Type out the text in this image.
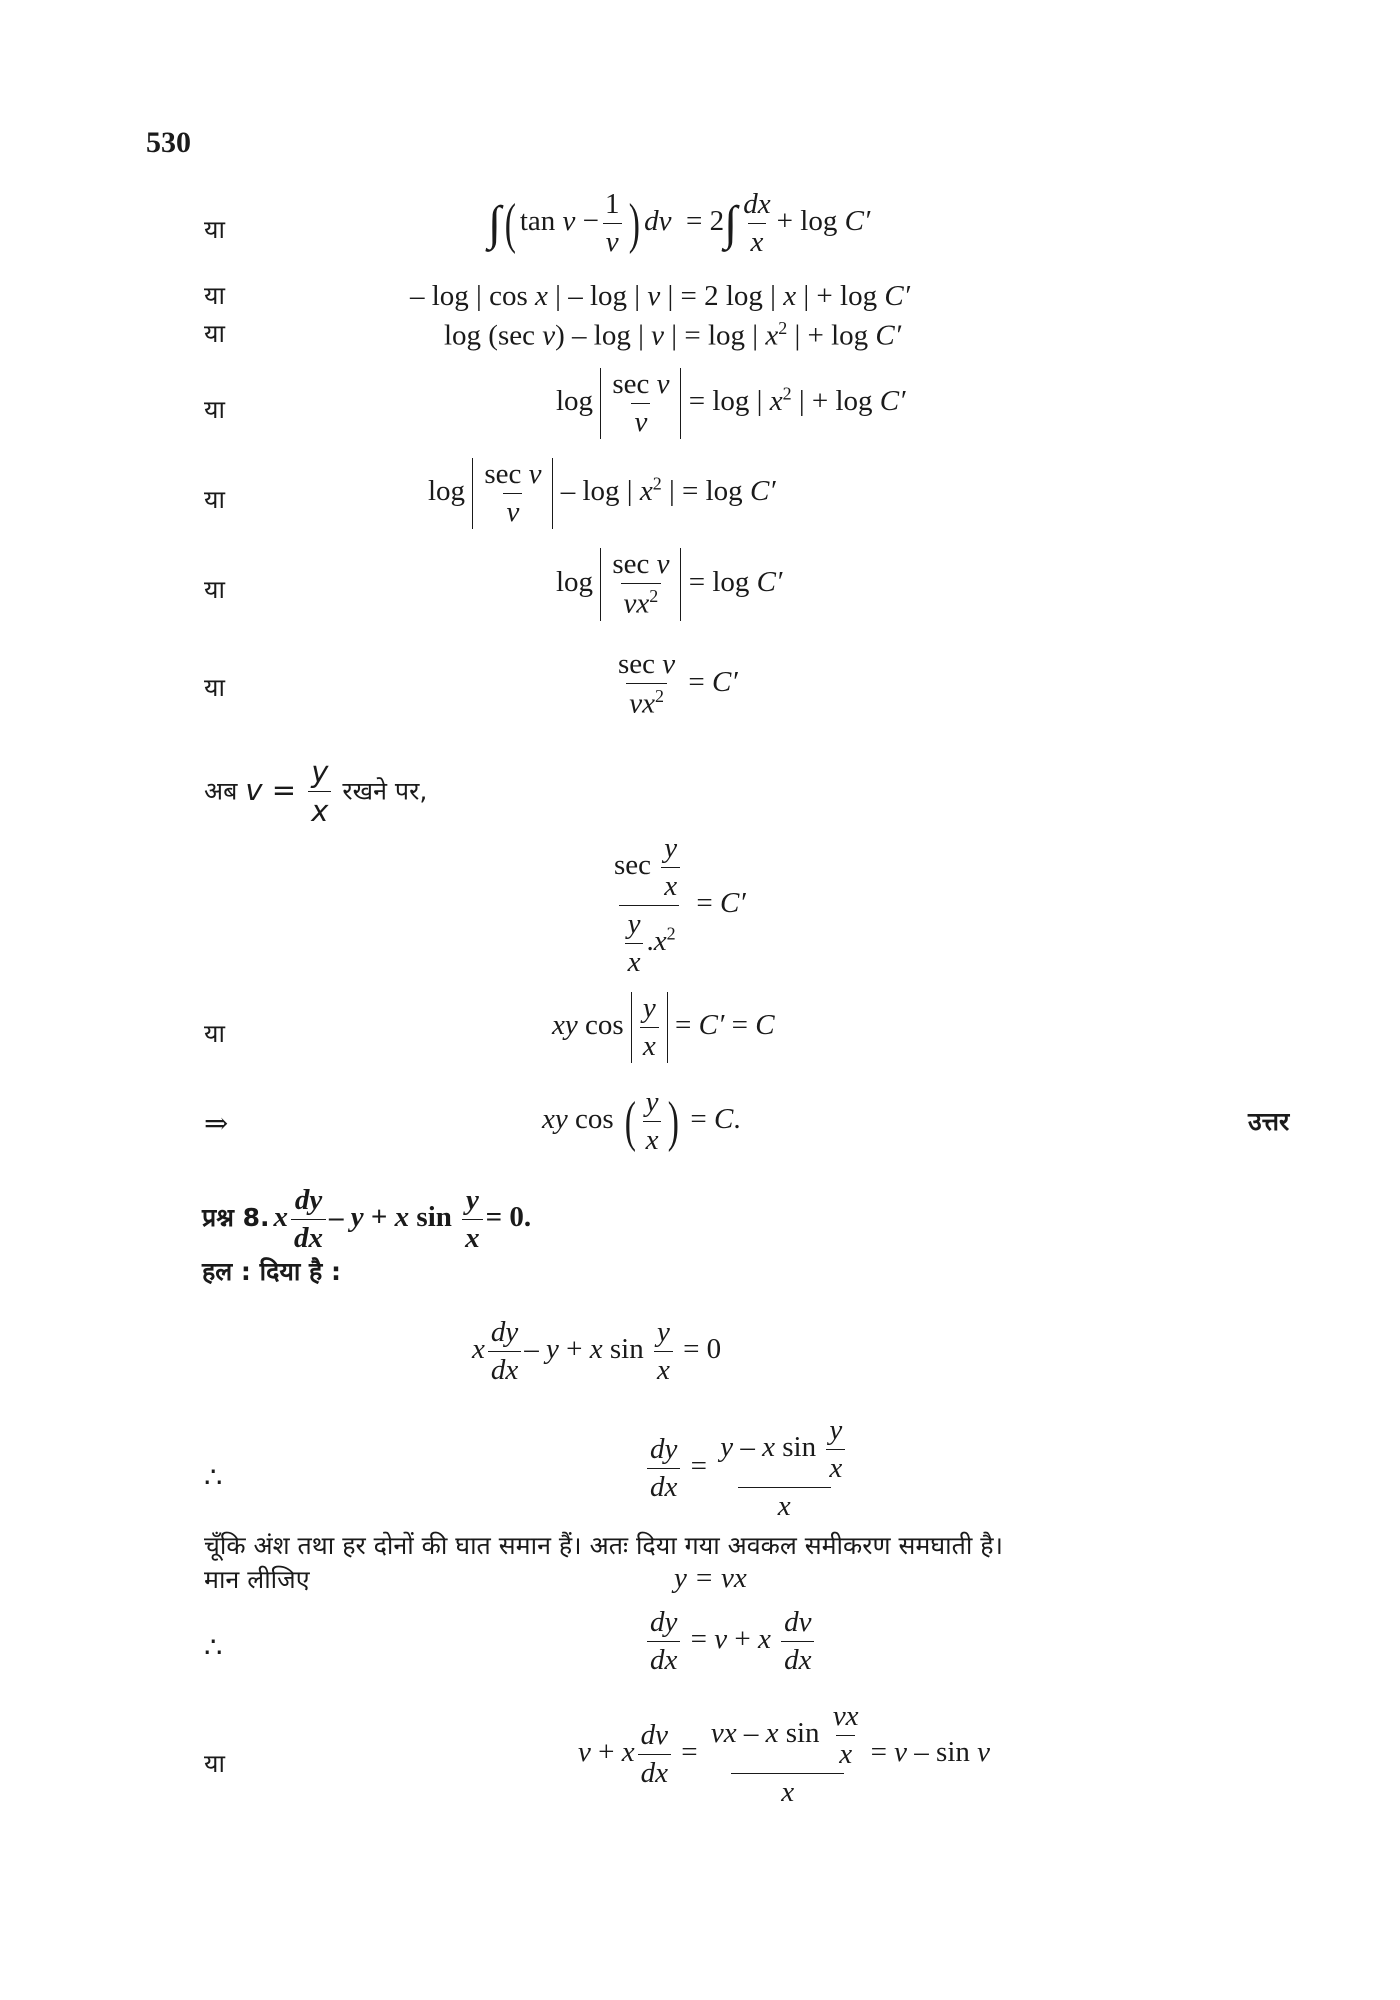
530
या	∫( $\tan v - \frac{1}{v}$ ) dv  = $2\int \frac{dx}{x} + \log C'$
या	– log | cos x | – log | v | = 2 log | x | + log C′
या	log (sec v) – log | v | = log | $x^2$ | + log C′
या	$\log \frac{\text{sec v}}{v} = \log$ | $x^2$ | + log C′
या	$\log \frac{\text{sec v}}{v}$ – log | $x^2$ | = log C′
या	$\log \frac{\text{sec v}}{vx^2} = \log C'$
या	$\frac{\text{sec v}}{vx^2} = C'$
अब $v = \frac{y}{x}$ रखने पर,
$\frac{\sec \frac{y}{x}}{\frac{y}{x} .x^2} = C'$
या	xy $\cos \frac{y}{x} = C' = C$
⇒	xy cos ( $\frac{y}{x}$ ) = C.	उत्तर
प्रश्न 8. x $\frac{dy}{dx} - y + x$ $\sin \frac{y}{x} = 0$.
हल : दिया है :
x $\frac{dy}{dx} - y + x$ $\sin \frac{y}{x} = 0$
∴	$\frac{dy}{dx} = \frac{y - x \sin \frac{y}{x}}{x}$
चूँकि अंश तथा हर दोनों की घात समान हैं। अतः दिया गया अवकल समीकरण समघाती है।
मान लीजिए	y = vx
∴	$\frac{dy}{dx} = v + x \frac{dv}{dx}$
या	v + x $\frac{dv}{dx} = \frac{vx - x \sin \frac{vx}{x}}{x} = v - \sin v$
